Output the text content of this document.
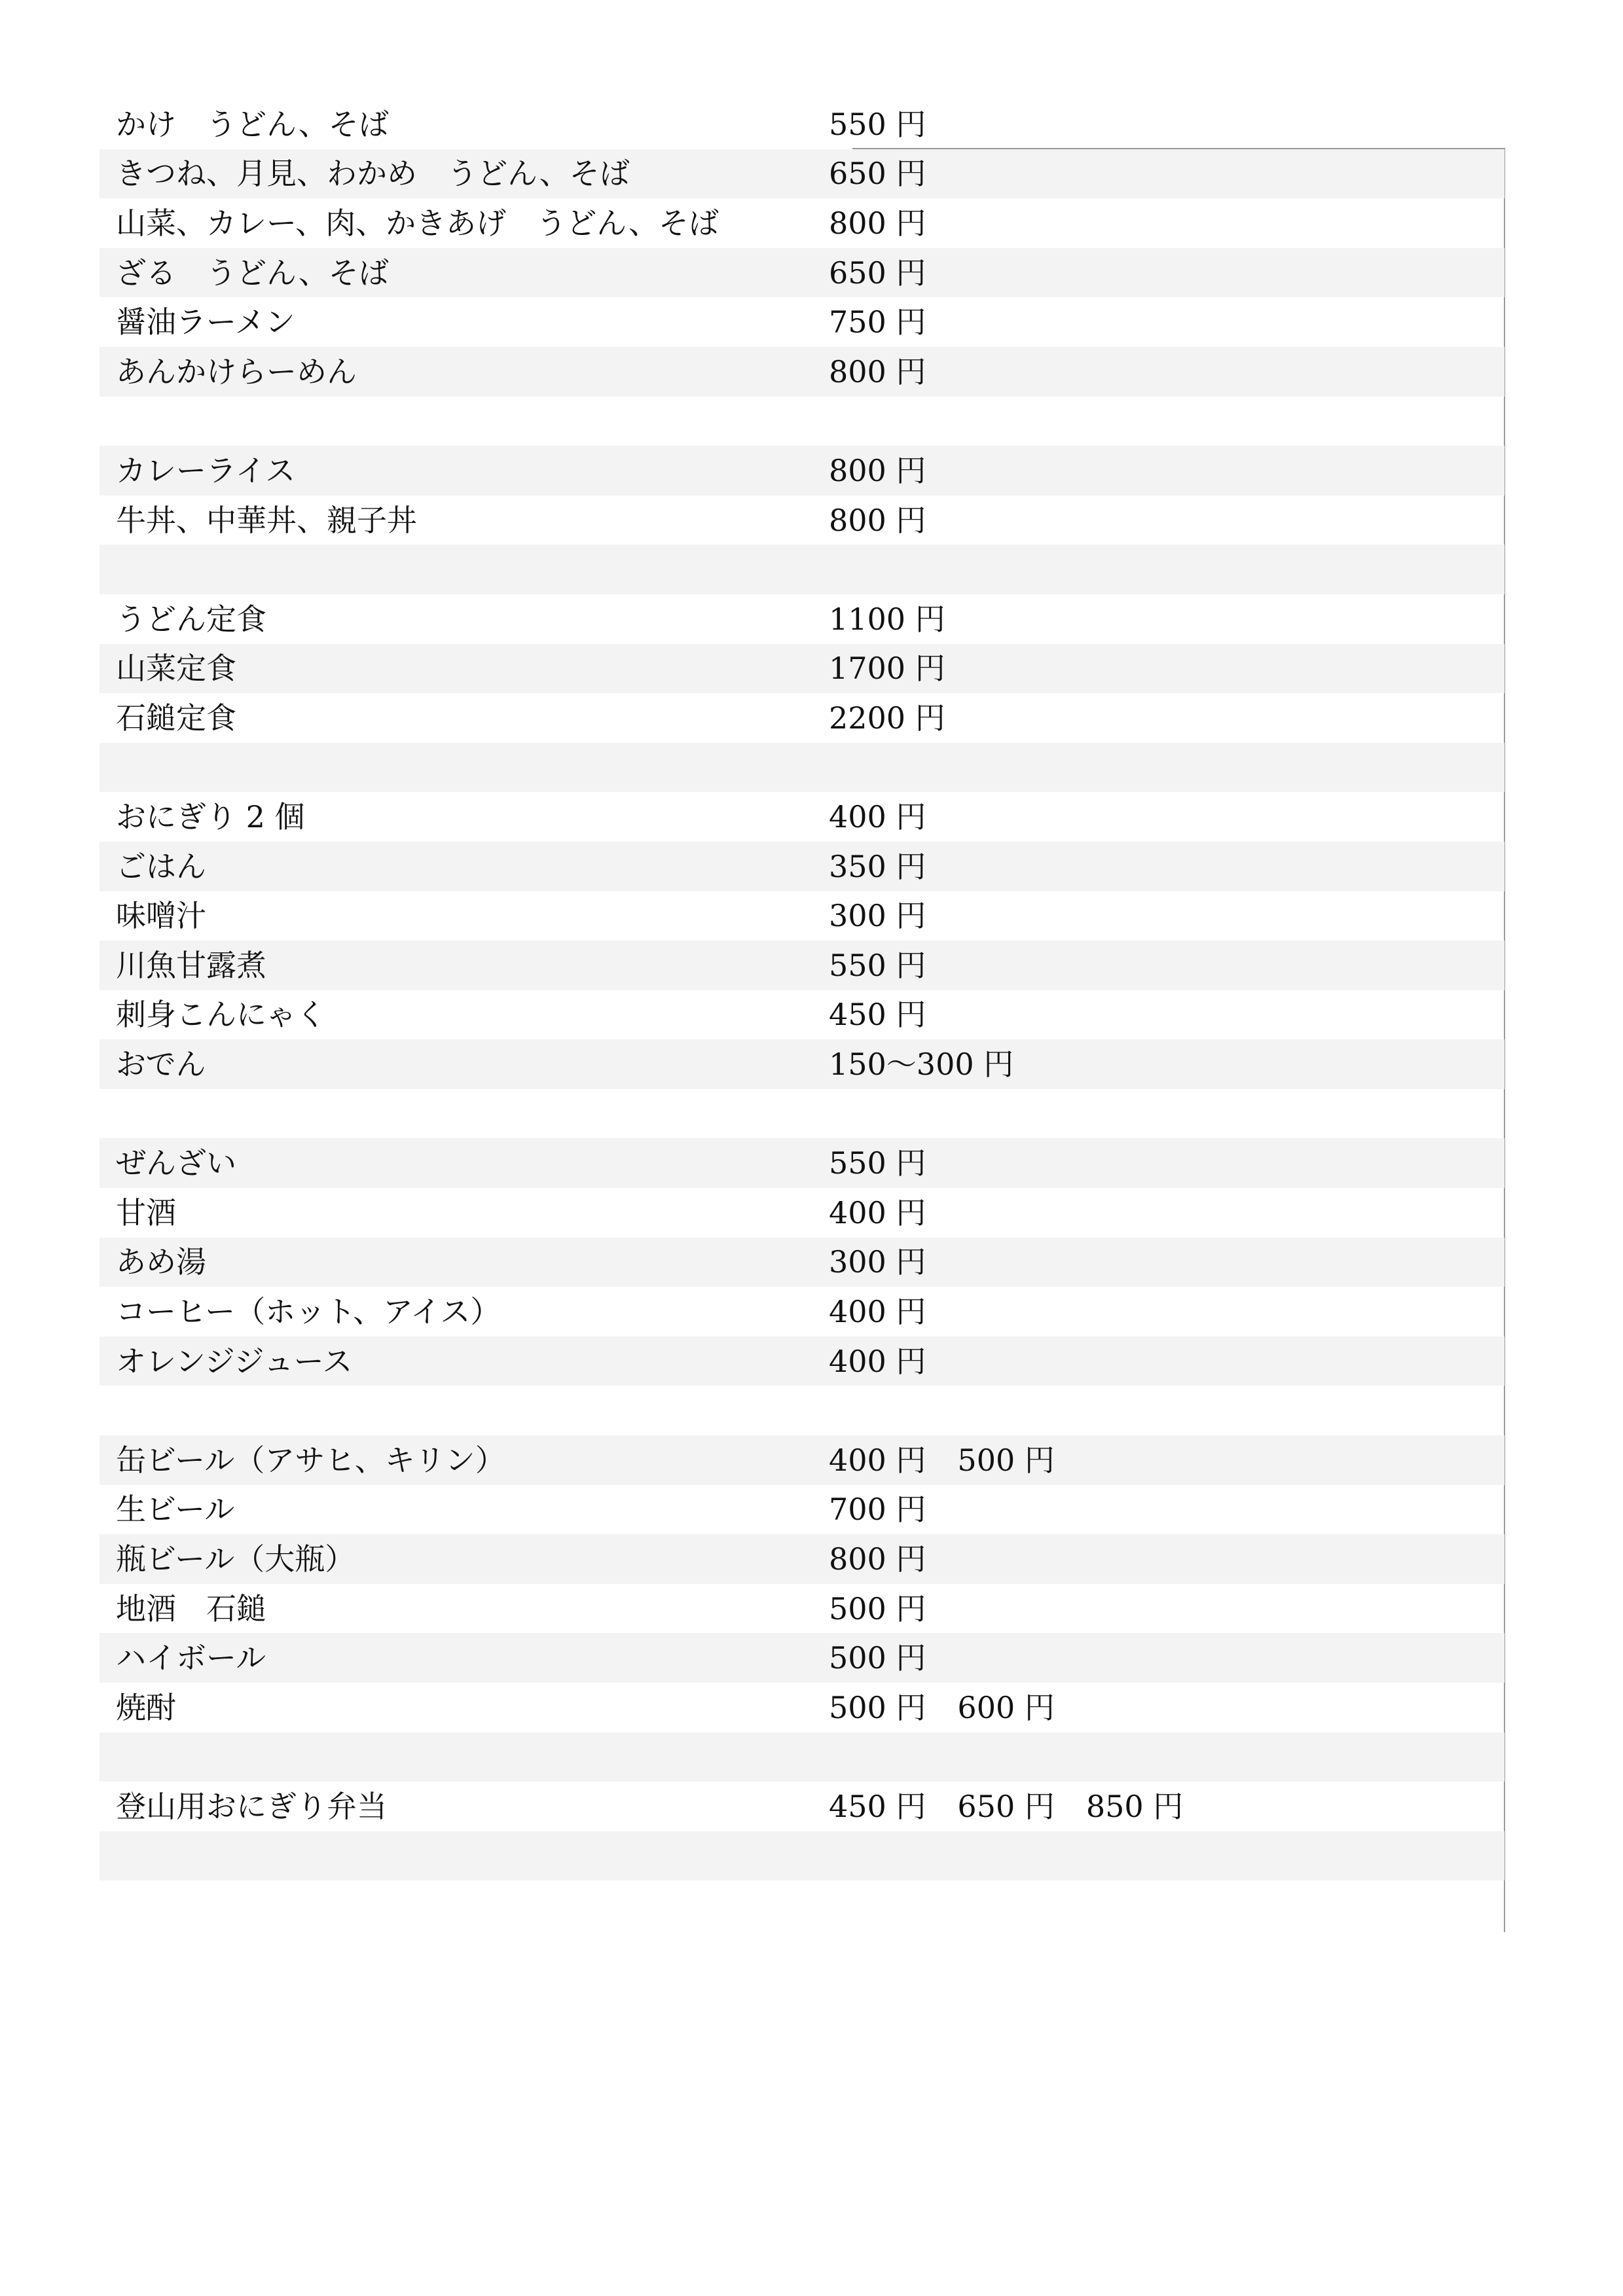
かけ　うどん、そば	550 円
きつね、月見、わかめ　うどん、そば	650 円
山菜、カレー、肉、かきあげ　うどん、そば	800 円
ざる　うどん、そば	650 円
醤油ラーメン	750 円
あんかけらーめん	800 円
カレーライス	800 円
牛丼、中華丼、親子丼	800 円
うどん定食	1100 円
山菜定食	1700 円
石鎚定食	2200 円
おにぎり 2 個	400 円
ごはん	350 円
味噌汁	300 円
川魚甘露煮	550 円
刺身こんにゃく	450 円
おでん	150～300 円
ぜんざい	550 円
甘酒	400 円
あめ湯	300 円
コーヒー（ホット、アイス）	400 円
オレンジジュース	400 円
缶ビール（アサヒ、キリン）	400 円 500 円
生ビール	700 円
瓶ビール（大瓶）	800 円
地酒　石鎚	500 円
ハイボール	500 円
焼酎	500 円 600 円
登山用おにぎり弁当	450 円 650 円 850 円
